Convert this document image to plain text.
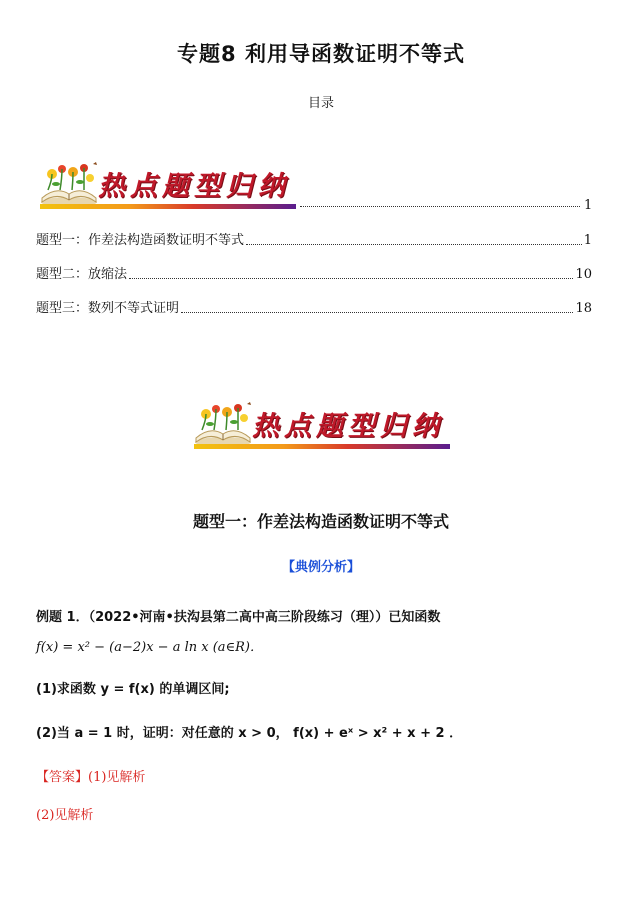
专题8 利用导函数证明不等式
目录
热点题型归纳
1
题型一：作差法构造函数证明不等式	1
题型二：放缩法	10
题型三：数列不等式证明	18
热点题型归纳
题型一：作差法构造函数证明不等式
【典例分析】
例题 1．（2022•河南•扶沟县第二高中高三阶段练习（理））已知函数
f(x) = x² − (a−2)x − a ln x (a∈R)．
(1)求函数 y = f(x) 的单调区间;
(2)当 a = 1 时，证明：对任意的 x > 0， f(x) + eˣ > x² + x + 2 ．
【答案】(1)见解析
(2)见解析
